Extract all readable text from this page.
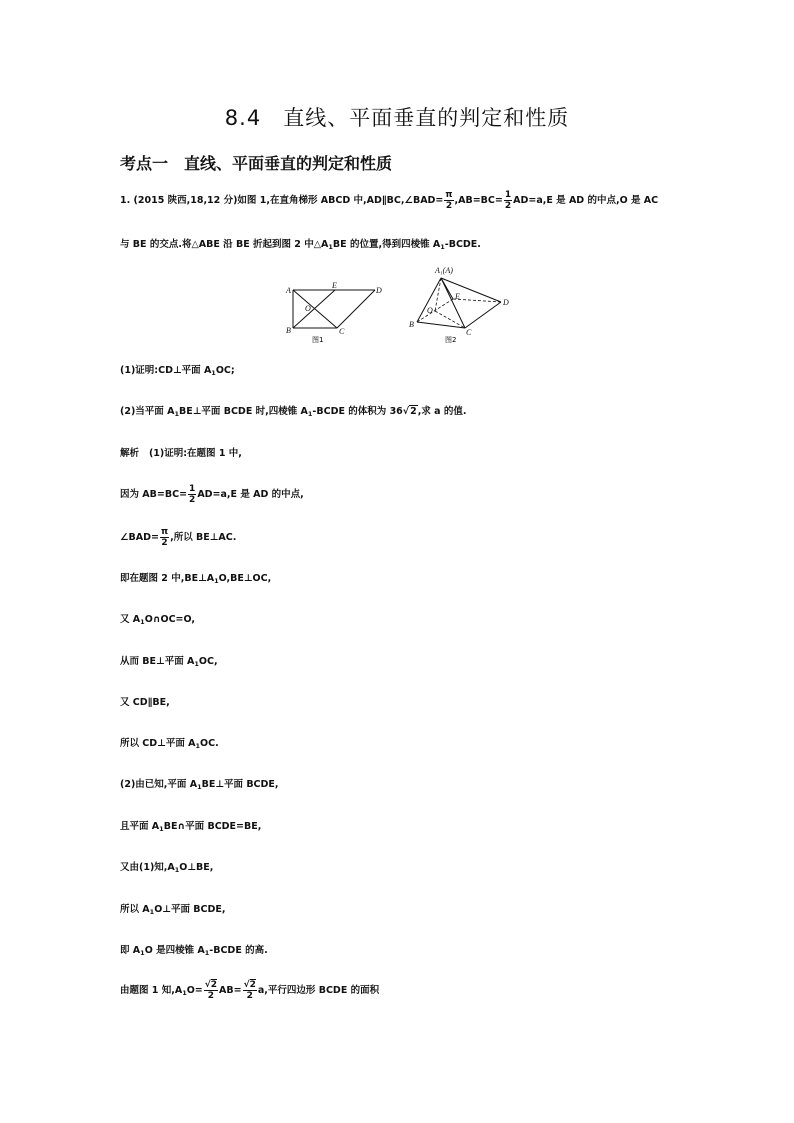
8.4　直线、平面垂直的判定和性质
考点一　直线、平面垂直的判定和性质
1. (2015 陕西,18,12 分)如图 1,在直角梯形 ABCD 中,AD∥BC,∠BAD= $\frac{\pi}{2} ,AB=BC= \frac{1}{2} AD=a,E$ 是 AD 的中点,O 是 AC
与 BE 的交点.将△ABE 沿 BE 折起到图 2 中$\triangle A_1BE$ 的位置,得到四棱锥 $A_1$-BCDE.
A
E
D
O
B	C
图1
A₁(A)
E
D
O
B
C
图2
(1)证明:CD⊥平面 $A_1OC$;
(2)当平面 $A_1BE\perp$平面 BCDE 时,四棱锥 $A_1$-BCDE 的体积为 36√2,求 a 的值.
解析 (1)证明:在题图 1 中,
因为 $AB=BC= \frac{1}{2} AD=a,E$ 是 AD 的中点,
∠BAD= $\frac{\pi}{2}$ ,所以 BE⊥AC.
即在题图 2 中$,BE\perp A_1O,BE\perp OC$,
又 $A_1O\cap OC=O$,
从而 BE⊥平面 $A_1OC$,
又 CD∥BE,
所以 CD⊥平面 $A_1OC$.
(2)由已知,平面 $A_1BE\perp$平面 BCDE,
且平面 $A_1BE\cap$平面 BCDE=BE,
又由(1)知$,A_1O\perp BE$,
所以 $A_1O\perp$平面 BCDE,
即 $A_1O$ 是四棱锥 $A_1$-BCDE 的高.
由题图 1 知$,A_1O= \frac{√2}{2} AB= \frac{√2}{2} a$,平行四边形 BCDE 的面积
